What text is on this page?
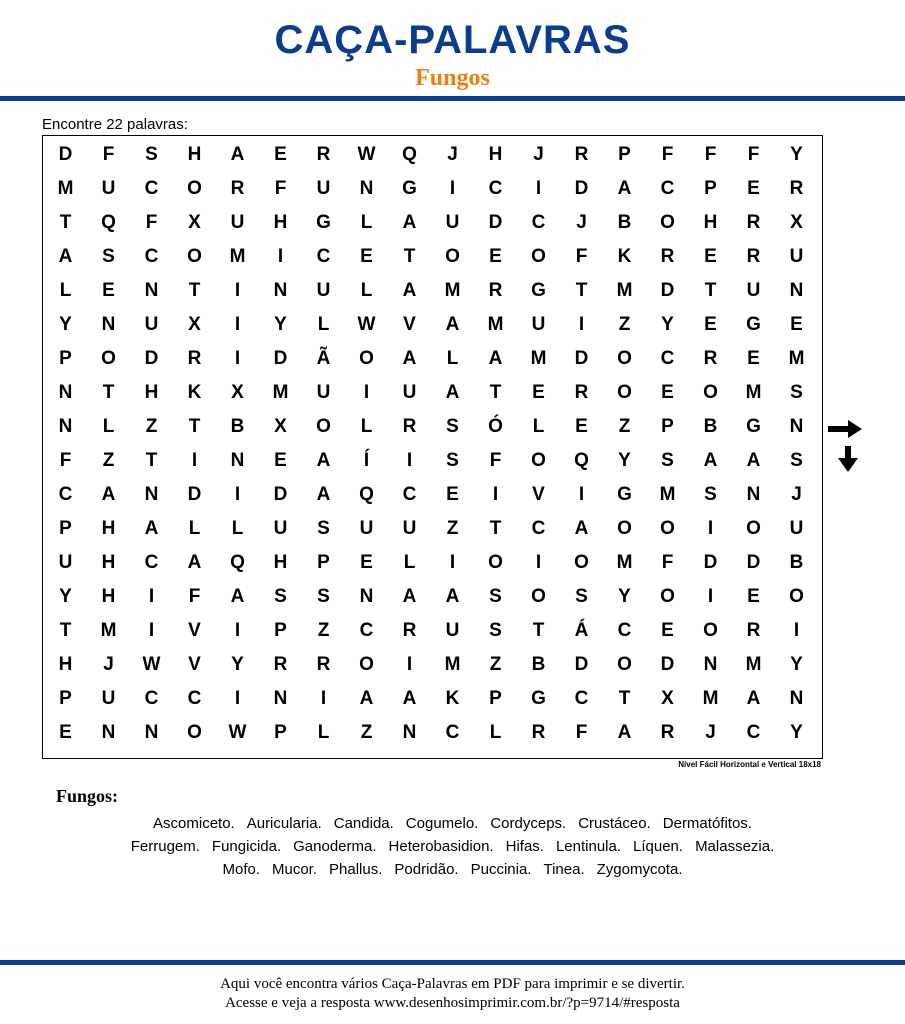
CAÇA-PALAVRAS
Fungos
Encontre 22 palavras:
D	F	S	H	A	E	R	W	Q	J	H	J	R	P	F	F	F	Y
M	U	C	O	R	F	U	N	G	I	C	I	D	A	C	P	E	R
T	Q	F	X	U	H	G	L	A	U	D	C	J	B	O	H	R	X
A	S	C	O	M	I	C	E	T	O	E	O	F	K	R	E	R	U
L	E	N	T	I	N	U	L	A	M	R	G	T	M	D	T	U	N
Y	N	U	X	I	Y	L	W	V	A	M	U	I	Z	Y	E	G	E
P	O	D	R	I	D	Ã	O	A	L	A	M	D	O	C	R	E	M
N	T	H	K	X	M	U	I	U	A	T	E	R	O	E	O	M	S
N	L	Z	T	B	X	O	L	R	S	Ó	L	E	Z	P	B	G	N
F	Z	T	I	N	E	A	Í	I	S	F	O	Q	Y	S	A	A	S
C	A	N	D	I	D	A	Q	C	E	I	V	I	G	M	S	N	J
P	H	A	L	L	U	S	U	U	Z	T	C	A	O	O	I	O	U
U	H	C	A	Q	H	P	E	L	I	O	I	O	M	F	D	D	B
Y	H	I	F	A	S	S	N	A	A	S	O	S	Y	O	I	E	O
T	M	I	V	I	P	Z	C	R	U	S	T	Á	C	E	O	R	I
H	J	W	V	Y	R	R	O	I	M	Z	B	D	O	D	N	M	Y
P	U	C	C	I	N	I	A	A	K	P	G	C	T	X	M	A	N
E	N	N	O	W	P	L	Z	N	C	L	R	F	A	R	J	C	Y
Nível Fácil Horizontal e Vertical 18x18
Fungos:
Ascomiceto. Auricularia. Candida. Cogumelo. Cordyceps. Crustáceo. Dermatófitos.
Ferrugem. Fungicida. Ganoderma. Heterobasidion. Hifas. Lentinula. Líquen. Malassezia.
Mofo. Mucor. Phallus. Podridão. Puccinia. Tinea. Zygomycota.
Aqui você encontra vários Caça-Palavras em PDF para imprimir e se divertir.
Acesse e veja a resposta www.desenhosimprimir.com.br/?p=9714/#resposta
